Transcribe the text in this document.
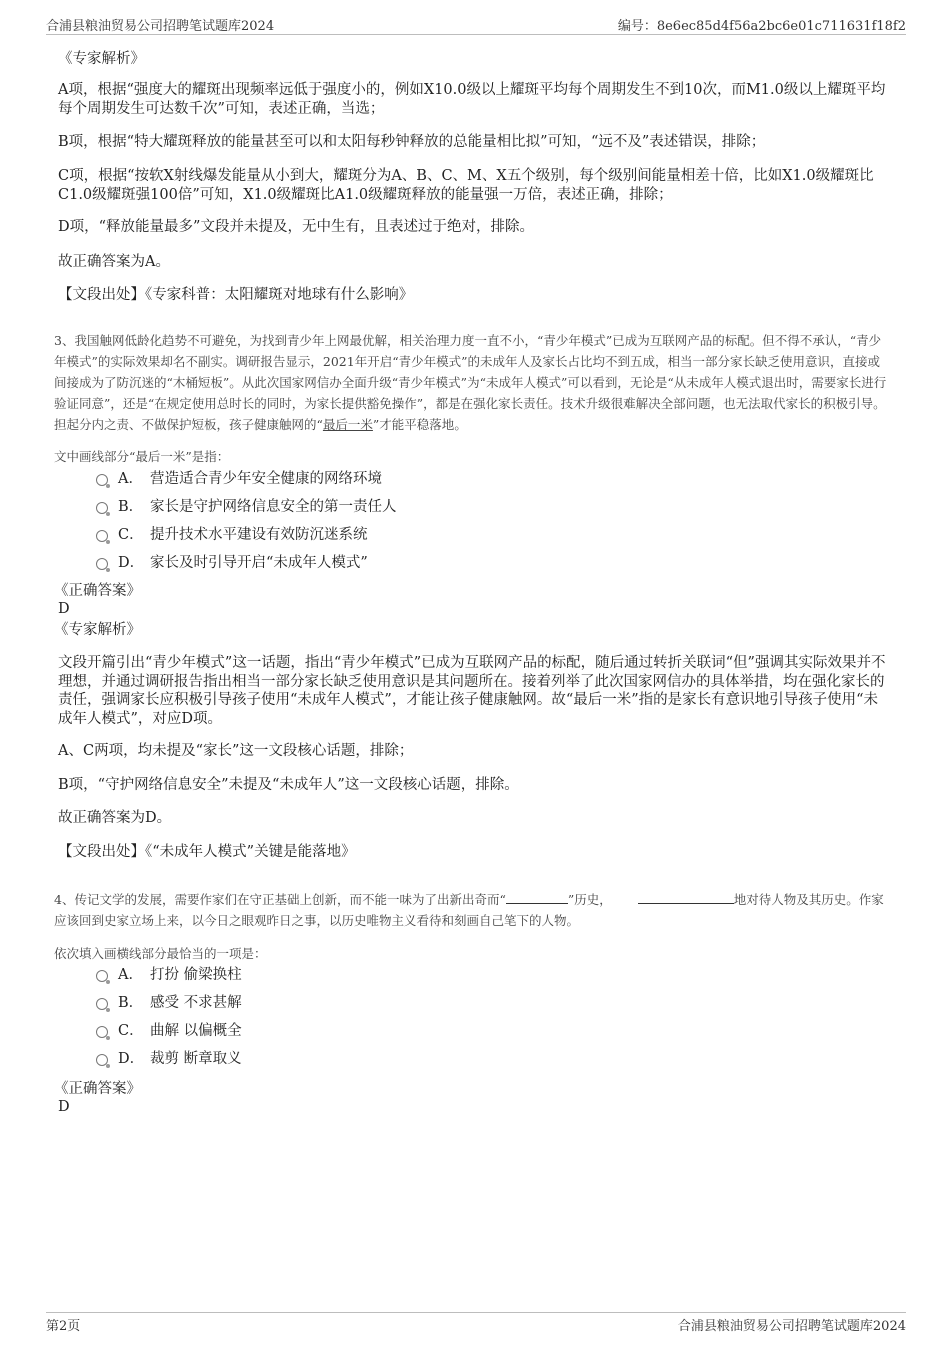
合浦县粮油贸易公司招聘笔试题库2024	编号：8e6ec85d4f56a2bc6e01c711631f18f2

《专家解析》

A项，根据“强度大的耀斑出现频率远低于强度小的，例如X10.0级以上耀斑平均每个周期发生不到10次，而M1.0级以上耀斑平均每个周期发生可达数千次”可知，表述正确，当选；

B项，根据“特大耀斑释放的能量甚至可以和太阳每秒钟释放的总能量相比拟”可知，“远不及”表述错误，排除；

C项，根据“按软X射线爆发能量从小到大，耀斑分为A、B、C、M、X五个级别，每个级别间能量相差十倍，比如X1.0级耀斑比C1.0级耀斑强100倍”可知，X1.0级耀斑比A1.0级耀斑释放的能量强一万倍，表述正确，排除；

D项，“释放能量最多”文段并未提及，无中生有，且表述过于绝对，排除。

故正确答案为A。

【文段出处】《专家科普：太阳耀斑对地球有什么影响》

3、我国触网低龄化趋势不可避免，为找到青少年上网最优解，相关治理力度一直不小，“青少年模式”已成为互联网产品的标配。但不得不承认，“青少年模式”的实际效果却名不副实。调研报告显示，2021年开启“青少年模式”的未成年人及家长占比均不到五成，相当一部分家长缺乏使用意识，直接或间接成为了防沉迷的“木桶短板”。从此次国家网信办全面升级“青少年模式”为“未成年人模式”可以看到，无论是“从未成年人模式退出时，需要家长进行验证同意”，还是“在规定使用总时长的同时，为家长提供豁免操作”，都是在强化家长责任。技术升级很难解决全部问题，也无法取代家长的积极引导。担起分内之责、不做保护短板，孩子健康触网的“最后一米”才能平稳落地。

文中画线部分“最后一米”是指：

A． 营造适合青少年安全健康的网络环境
B． 家长是守护网络信息安全的第一责任人
C． 提升技术水平建设有效防沉迷系统
D． 家长及时引导开启“未成年人模式”

《正确答案》

D

《专家解析》

文段开篇引出“青少年模式”这一话题，指出“青少年模式”已成为互联网产品的标配，随后通过转折关联词“但”强调其实际效果并不理想，并通过调研报告指出相当一部分家长缺乏使用意识是其问题所在。接着列举了此次国家网信办的具体举措，均在强化家长的责任，强调家长应积极引导孩子使用“未成年人模式”，才能让孩子健康触网。故“最后一米”指的是家长有意识地引导孩子使用“未成年人模式”，对应D项。

A、C两项，均未提及“家长”这一文段核心话题，排除；

B项，“守护网络信息安全”未提及“未成年人”这一文段核心话题，排除。

故正确答案为D。

【文段出处】《“未成年人模式”关键是能落地》

4、传记文学的发展，需要作家们在守正基础上创新，而不能一味为了出新出奇而“	”历史，	地对待人物及其历史。作家应该回到史家立场上来，以今日之眼观昨日之事，以历史唯物主义看待和刻画自己笔下的人物。

依次填入画横线部分最恰当的一项是：

A． 打扮 偷梁换柱
B． 感受 不求甚解
C． 曲解 以偏概全
D． 裁剪 断章取义

《正确答案》

D

第2页	合浦县粮油贸易公司招聘笔试题库2024
